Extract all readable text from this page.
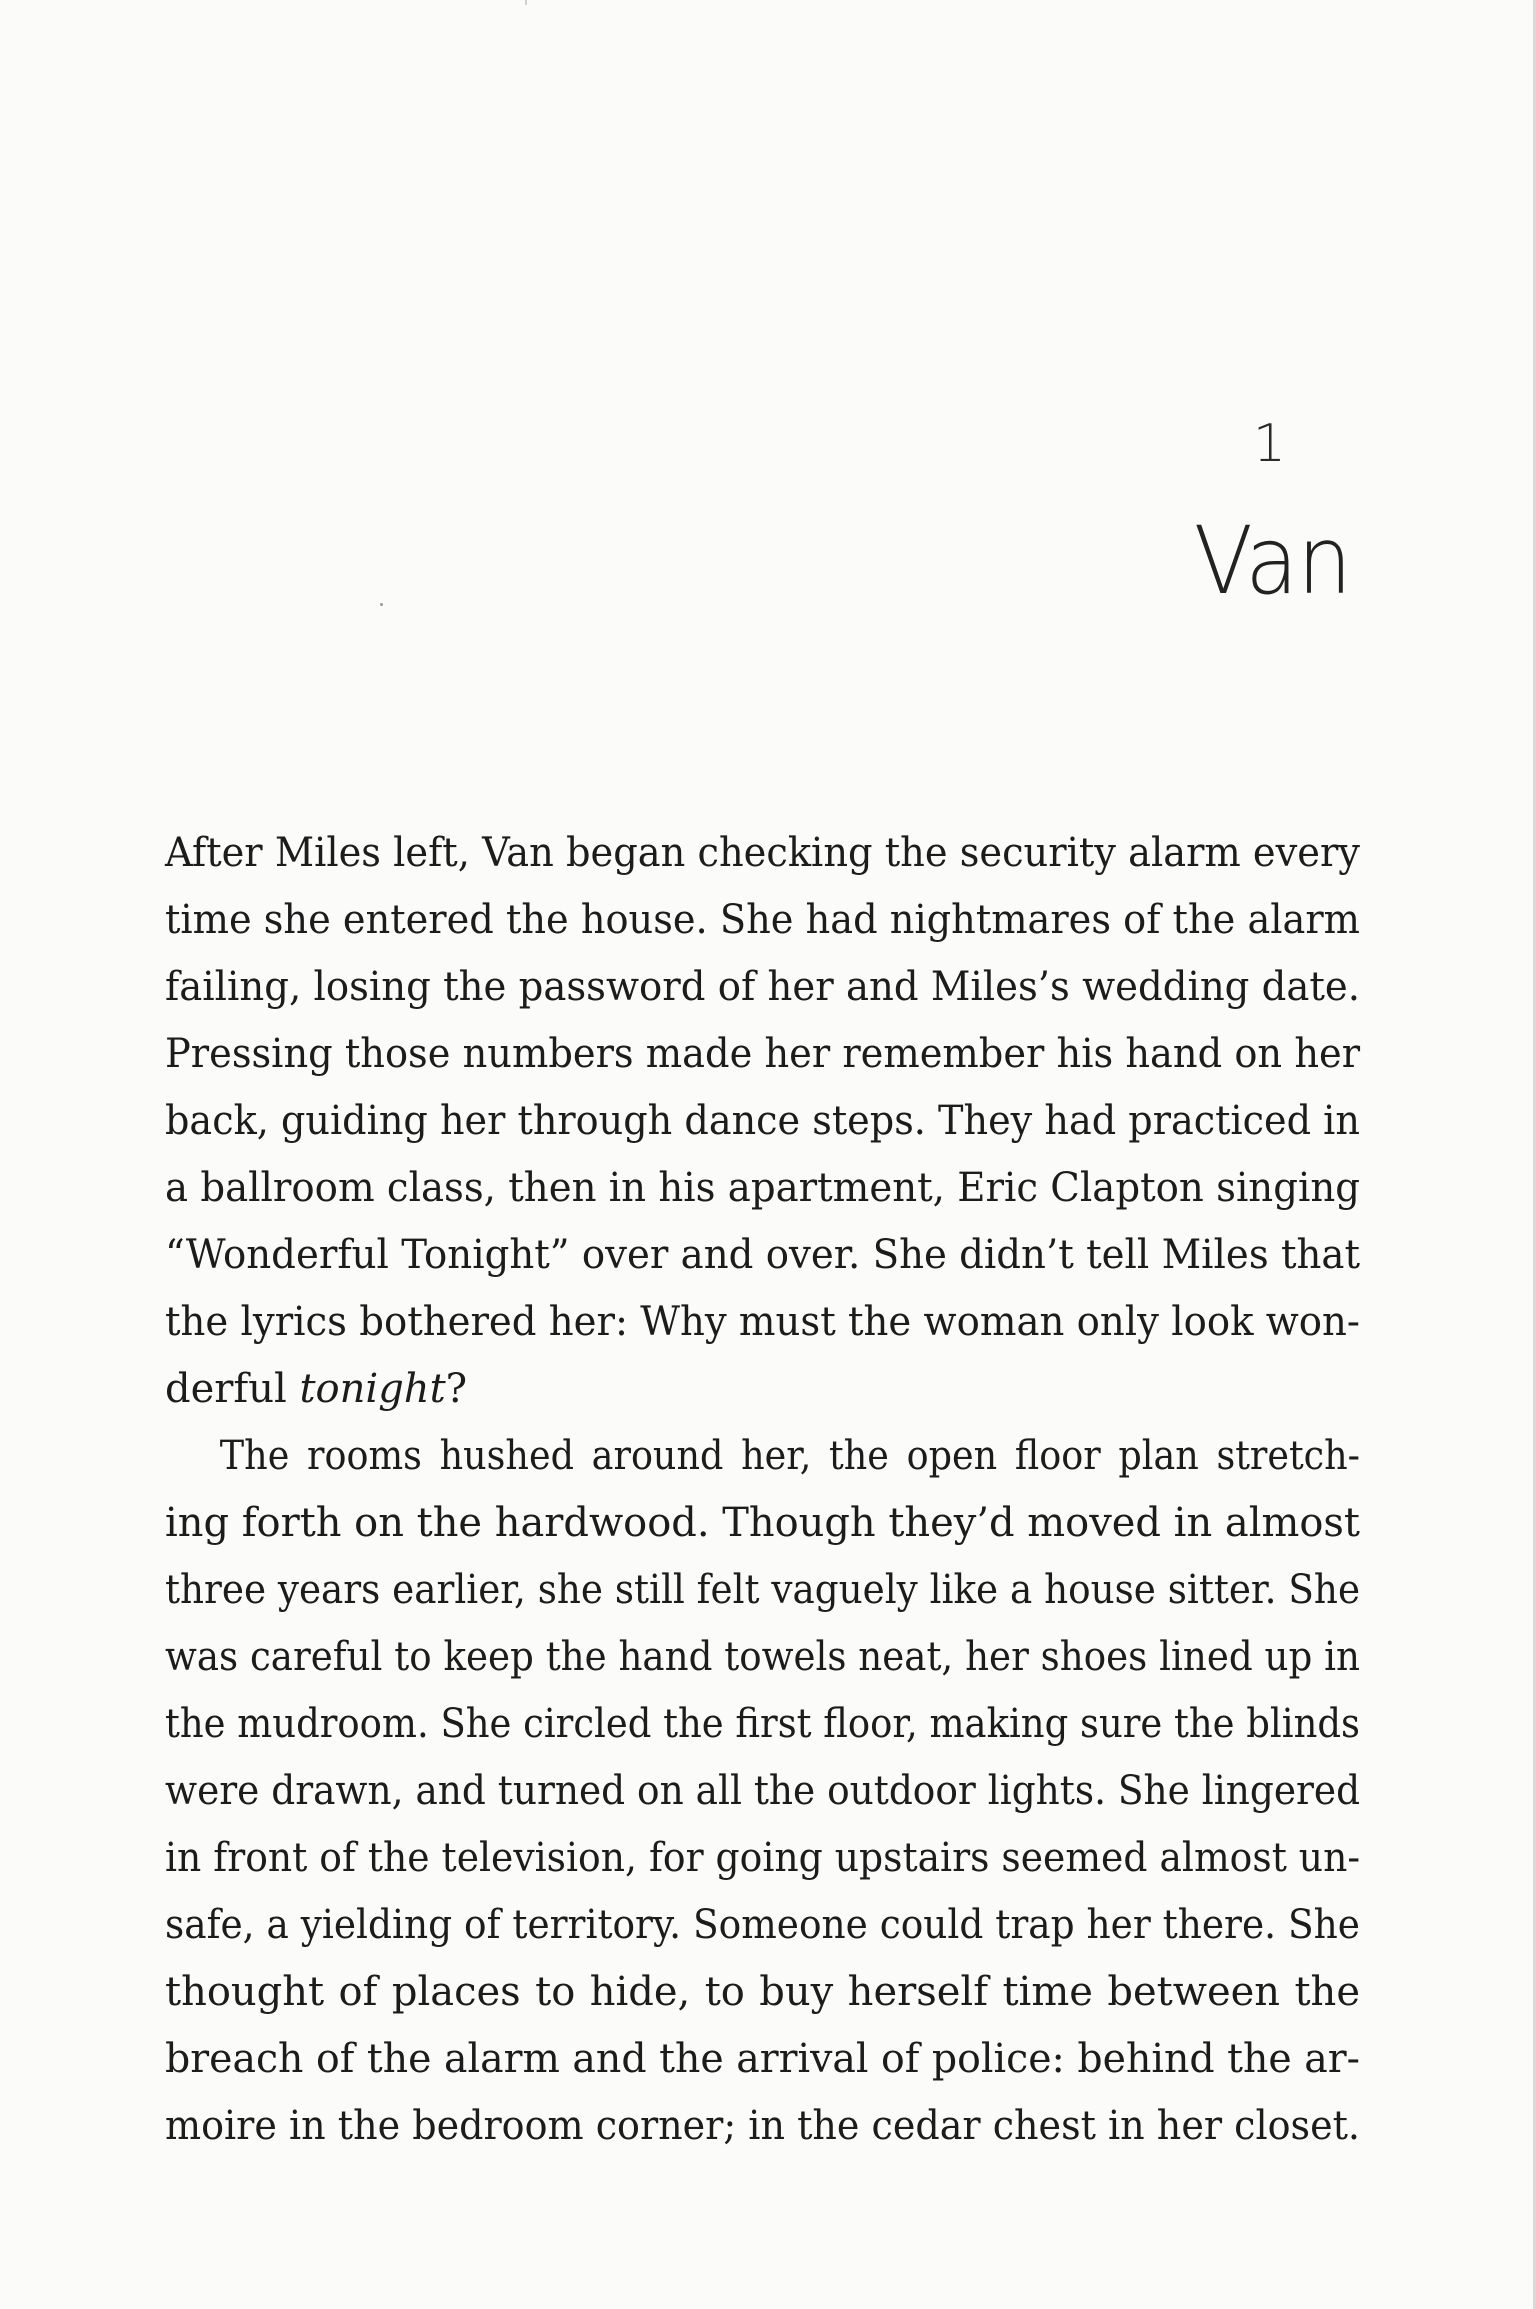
1
Van

After Miles left, Van began checking the security alarm every
time she entered the house. She had nightmares of the alarm
failing, losing the password of her and Miles’s wedding date.
Pressing those numbers made her remember his hand on her
back, guiding her through dance steps. They had practiced in
a ballroom class, then in his apartment, Eric Clapton singing
“Wonderful Tonight” over and over. She didn’t tell Miles that
the lyrics bothered her: Why must the woman only look won-
derful tonight?

The rooms hushed around her, the open floor plan stretch-
ing forth on the hardwood. Though they’d moved in almost
three years earlier, she still felt vaguely like a house sitter. She
was careful to keep the hand towels neat, her shoes lined up in
the mudroom. She circled the first floor, making sure the blinds
were drawn, and turned on all the outdoor lights. She lingered
in front of the television, for going upstairs seemed almost un-
safe, a yielding of territory. Someone could trap her there. She
thought of places to hide, to buy herself time between the
breach of the alarm and the arrival of police: behind the ar-
moire in the bedroom corner; in the cedar chest in her closet.
